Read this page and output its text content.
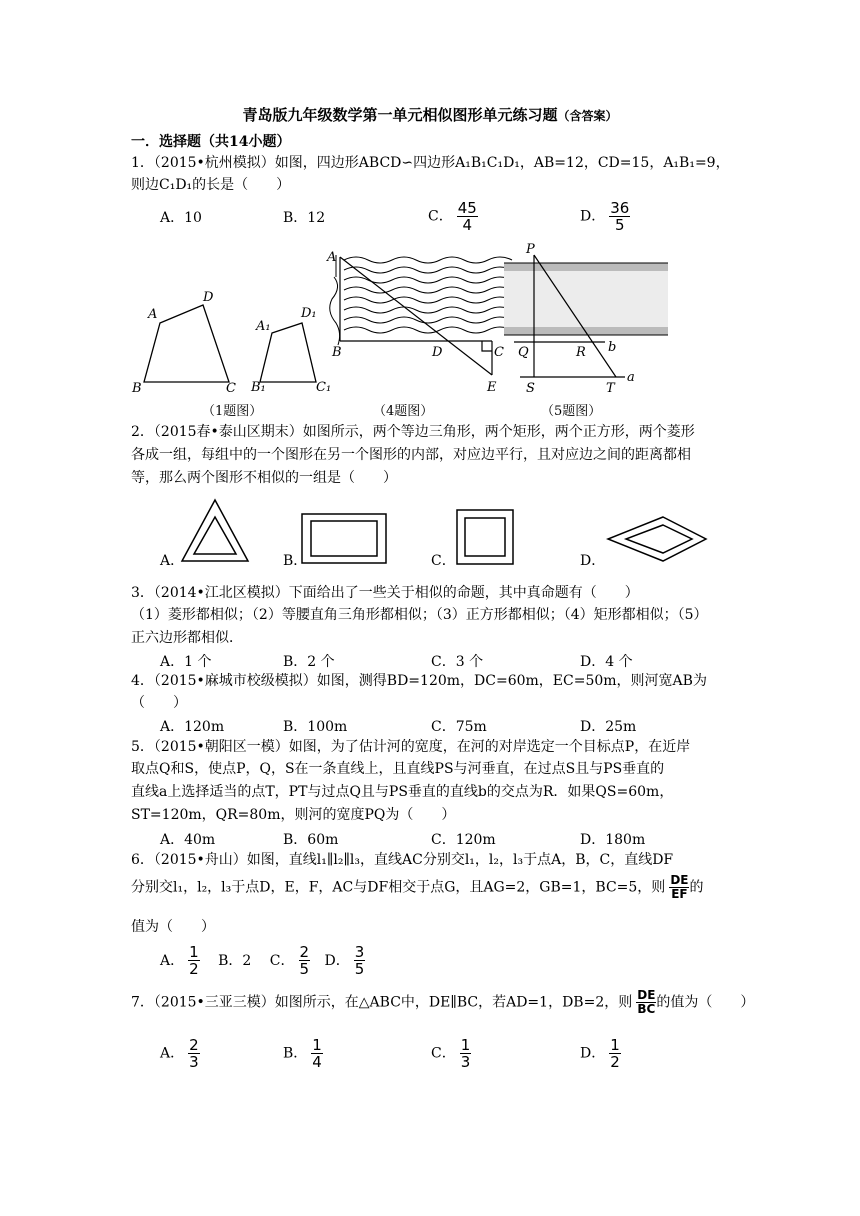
青岛版九年级数学第一单元相似图形单元练习题（含答案）
一．选择题（共14小题）
1．（2015•杭州模拟）如图，四边形ABCD∽四边形A₁B₁C₁D₁，AB=12，CD=15，A₁B₁=9，
则边C₁D₁的长是（　　）
A．10	B．12	C． $\frac{45}{4}$	D． $\frac{36}{5}$
A
D
B	C
A₁
D₁
B₁	C₁
A
B	D	C
E
P
Q	R b
S	T
a
（1题图）	（4题图）	（5题图）
2．（2015春•泰山区期末）如图所示，两个等边三角形，两个矩形，两个正方形，两个菱形
各成一组，每组中的一个图形在另一个图形的内部，对应边平行，且对应边之间的距离都相
等，那么两个图形不相似的一组是（　　）
A．	B．	C．	D．
3．（2014•江北区模拟）下面给出了一些关于相似的命题，其中真命题有（　　）
（1）菱形都相似；（2）等腰直角三角形都相似；（3）正方形都相似；（4）矩形都相似；（5）
正六边形都相似．
A．1 个	B．2 个	C．3 个	D．4 个
4．（2015•麻城市校级模拟）如图，测得BD=120m，DC=60m，EC=50m，则河宽AB为
（　　）
A．120m	B．100m	C．75m	D．25m
5．（2015•朝阳区一模）如图，为了估计河的宽度，在河的对岸选定一个目标点P，在近岸
取点Q和S，使点P，Q，S在一条直线上，且直线PS与河垂直，在过点S且与PS垂直的
直线a上选择适当的点T，PT与过点Q且与PS垂直的直线b的交点为R．如果QS=60m，
ST=120m，QR=80m，则河的宽度PQ为（　　）
A．40m	B．60m	C．120m	D．180m
6．（2015•舟山）如图，直线l₁∥l₂∥l₃，直线AC分别交l₁，l₂，l₃于点A，B，C，直线DF
分别交l₁，l₂，l₃于点D，E，F，AC与DF相交于点G，且AG=2，GB=1，BC=5，则 $\frac{DE}{EF}$ 的
值为（　　）
A． $\frac{1}{2}$ B．2 C． $\frac{2}{5}$ D． $\frac{3}{5}$
7．（2015•三亚三模）如图所示，在△ABC中，DE∥BC，若AD=1，DB=2，则 $\frac{DE}{BC}$ 的值为（　　）
A． $\frac{2}{3}$	B． $\frac{1}{4}$	C． $\frac{1}{3}$	D． $\frac{1}{2}$
